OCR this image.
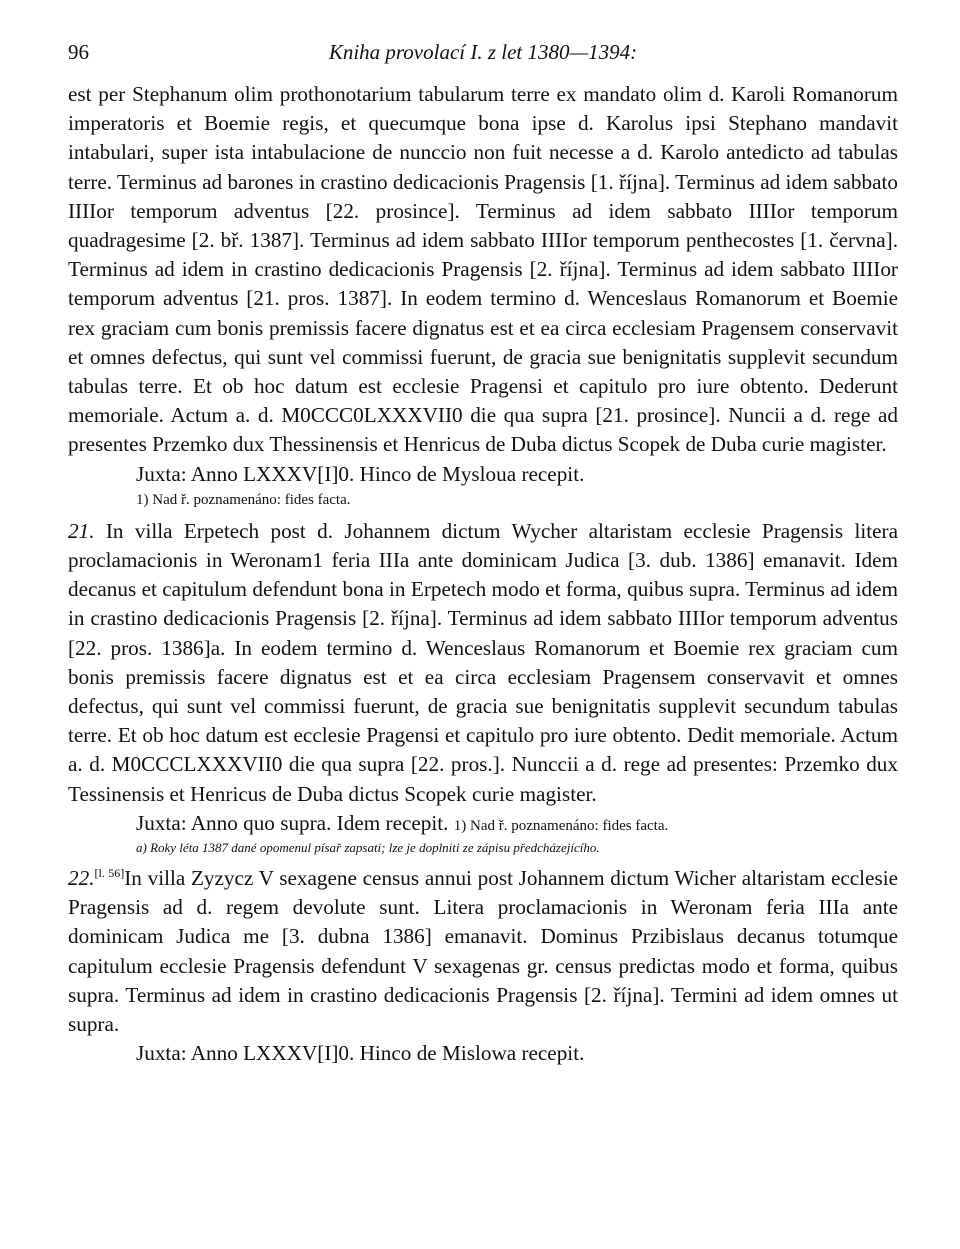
96	Kniha provolací I. z let 1380—1394:

est per Stephanum olim prothonotarium tabularum terre ex mandato olim d. Karoli Romanorum imperatoris et Boemie regis, et quecumque bona ipse d. Karolus ipsi Stephano mandavit intabulari, super ista intabulacione de nunccio non fuit necesse a d. Karolo antedicto ad tabulas terre. Terminus ad barones in crastino dedicacionis Pragensis [1. října]. Terminus ad idem sabbato IIIIor temporum adventus [22. prosince]. Terminus ad idem sabbato IIIIor temporum quadragesime [2. bř. 1387]. Terminus ad idem sabbato IIIIor temporum penthecostes [1. června]. Terminus ad idem in crastino dedicacionis Pragensis [2. října]. Terminus ad idem sabbato IIIIor temporum adventus [21. pros. 1387]. In eodem termino d. Wenceslaus Romanorum et Boemie rex graciam cum bonis premissis facere dignatus est et ea circa ecclesiam Pragensem conservavit et omnes defectus, qui sunt vel commissi fuerunt, de gracia sue benignitatis supplevit secundum tabulas terre. Et ob hoc datum est ecclesie Pragensi et capitulo pro iure obtento. Dederunt memoriale. Actum a. d. M0CCC0LXXXVII0 die qua supra [21. prosince]. Nuncii a d. rege ad presentes Przemko dux Thessinensis et Henricus de Duba dictus Scopek de Duba curie magister.

Juxta: Anno LXXXV[I]0. Hinco de Mysloua recepit.

1) Nad ř. poznamenáno: fides facta.

21. In villa Erpetech post d. Johannem dictum Wycher altaristam ecclesie Pragensis litera proclamacionis in Weronam1 feria IIIa ante dominicam Judica [3. dub. 1386] emanavit. Idem decanus et capitulum defendunt bona in Erpetech modo et forma, quibus supra. Terminus ad idem in crastino dedicacionis Pragensis [2. října]. Terminus ad idem sabbato IIIIor temporum adventus [22. pros. 1386]a. In eodem termino d. Wenceslaus Romanorum et Boemie rex graciam cum bonis premissis facere dignatus est et ea circa ecclesiam Pragensem conservavit et omnes defectus, qui sunt vel commissi fuerunt, de gracia sue benignitatis supplevit secundum tabulas terre. Et ob hoc datum est ecclesie Pragensi et capitulo pro iure obtento. Dedit memoriale. Actum a. d. M0CCCLXXXVII0 die qua supra [22. pros.]. Nunccii a d. rege ad presentes: Przemko dux Tessinensis et Henricus de Duba dictus Scopek curie magister.

Juxta: Anno quo supra. Idem recepit. 1) Nad ř. poznamenáno: fides facta.

a) Roky léta 1387 dané opomenul písař zapsati; lze je doplniti ze zápisu předcházejícího.

22.[l. 56]In villa Zyzycz V sexagene census annui post Johannem dictum Wicher altaristam ecclesie Pragensis ad d. regem devolute sunt. Litera proclamacionis in Weronam feria IIIa ante dominicam Judica me [3. dubna 1386] emanavit. Dominus Przibislaus decanus totumque capitulum ecclesie Pragensis defendunt V sexagenas gr. census predictas modo et forma, quibus supra. Terminus ad idem in crastino dedicacionis Pragensis [2. října]. Termini ad idem omnes ut supra.

Juxta: Anno LXXXV[I]0. Hinco de Mislowa recepit.
